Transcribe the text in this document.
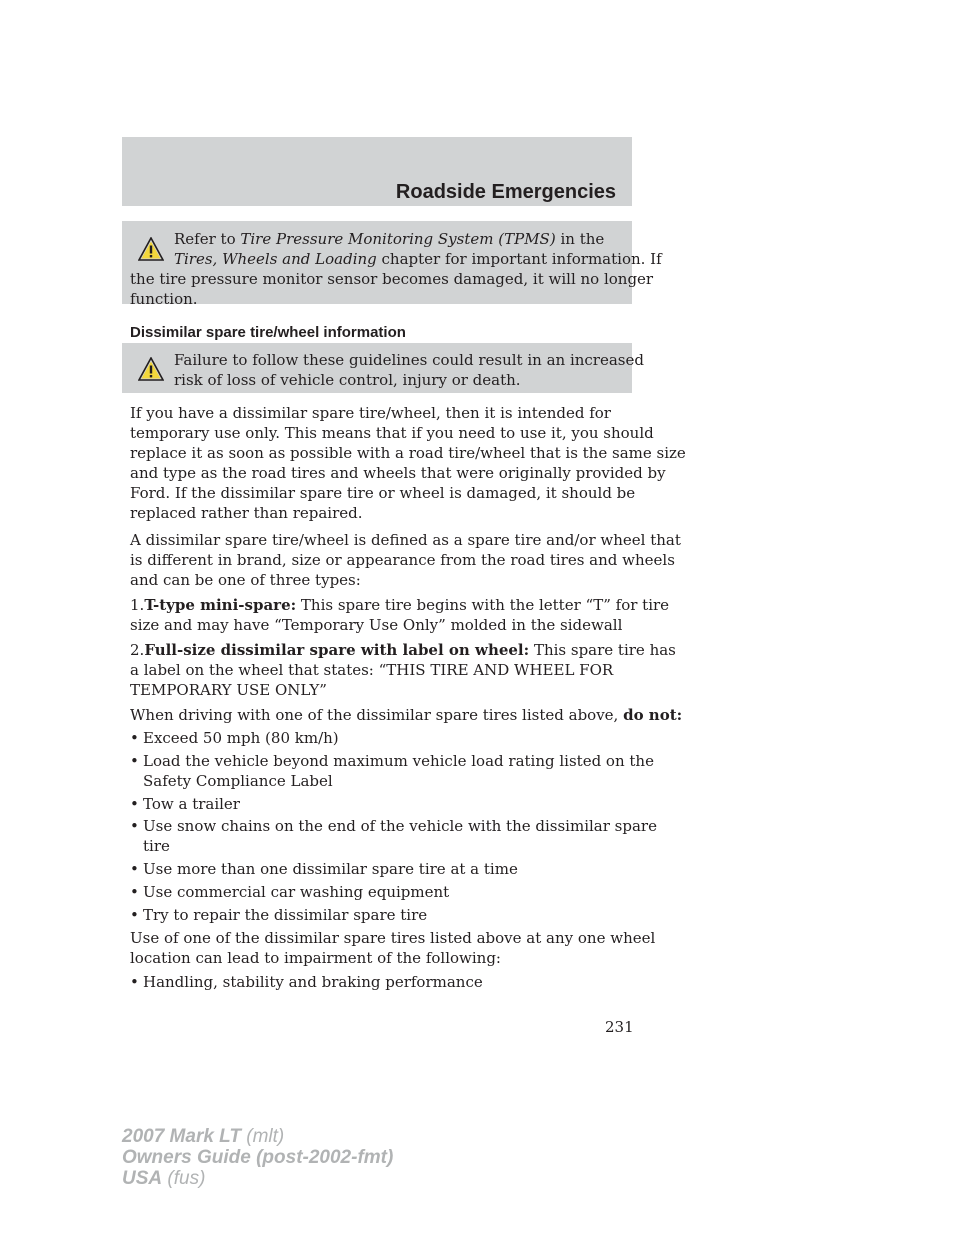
Roadside Emergencies
Refer to Tire Pressure Monitoring System (TPMS) in the
Tires, Wheels and Loading chapter for important information. If
the tire pressure monitor sensor becomes damaged, it will no longer
function.
Dissimilar spare tire/wheel information
Failure to follow these guidelines could result in an increased
risk of loss of vehicle control, injury or death.
If you have a dissimilar spare tire/wheel, then it is intended for
temporary use only. This means that if you need to use it, you should
replace it as soon as possible with a road tire/wheel that is the same size
and type as the road tires and wheels that were originally provided by
Ford. If the dissimilar spare tire or wheel is damaged, it should be
replaced rather than repaired.
A dissimilar spare tire/wheel is defined as a spare tire and/or wheel that
is different in brand, size or appearance from the road tires and wheels
and can be one of three types:
1.T-type mini-spare: This spare tire begins with the letter “T” for tire
size and may have “Temporary Use Only” molded in the sidewall
2.Full-size dissimilar spare with label on wheel: This spare tire has
a label on the wheel that states: “THIS TIRE AND WHEEL FOR
TEMPORARY USE ONLY”
When driving with one of the dissimilar spare tires listed above, do not:
• Exceed 50 mph (80 km/h)
• Load the vehicle beyond maximum vehicle load rating listed on the
Safety Compliance Label
• Tow a trailer
• Use snow chains on the end of the vehicle with the dissimilar spare
tire
• Use more than one dissimilar spare tire at a time
• Use commercial car washing equipment
• Try to repair the dissimilar spare tire
Use of one of the dissimilar spare tires listed above at any one wheel
location can lead to impairment of the following:
• Handling, stability and braking performance
231
2007 Mark LT (mlt)
Owners Guide (post-2002-fmt)
USA (fus)
